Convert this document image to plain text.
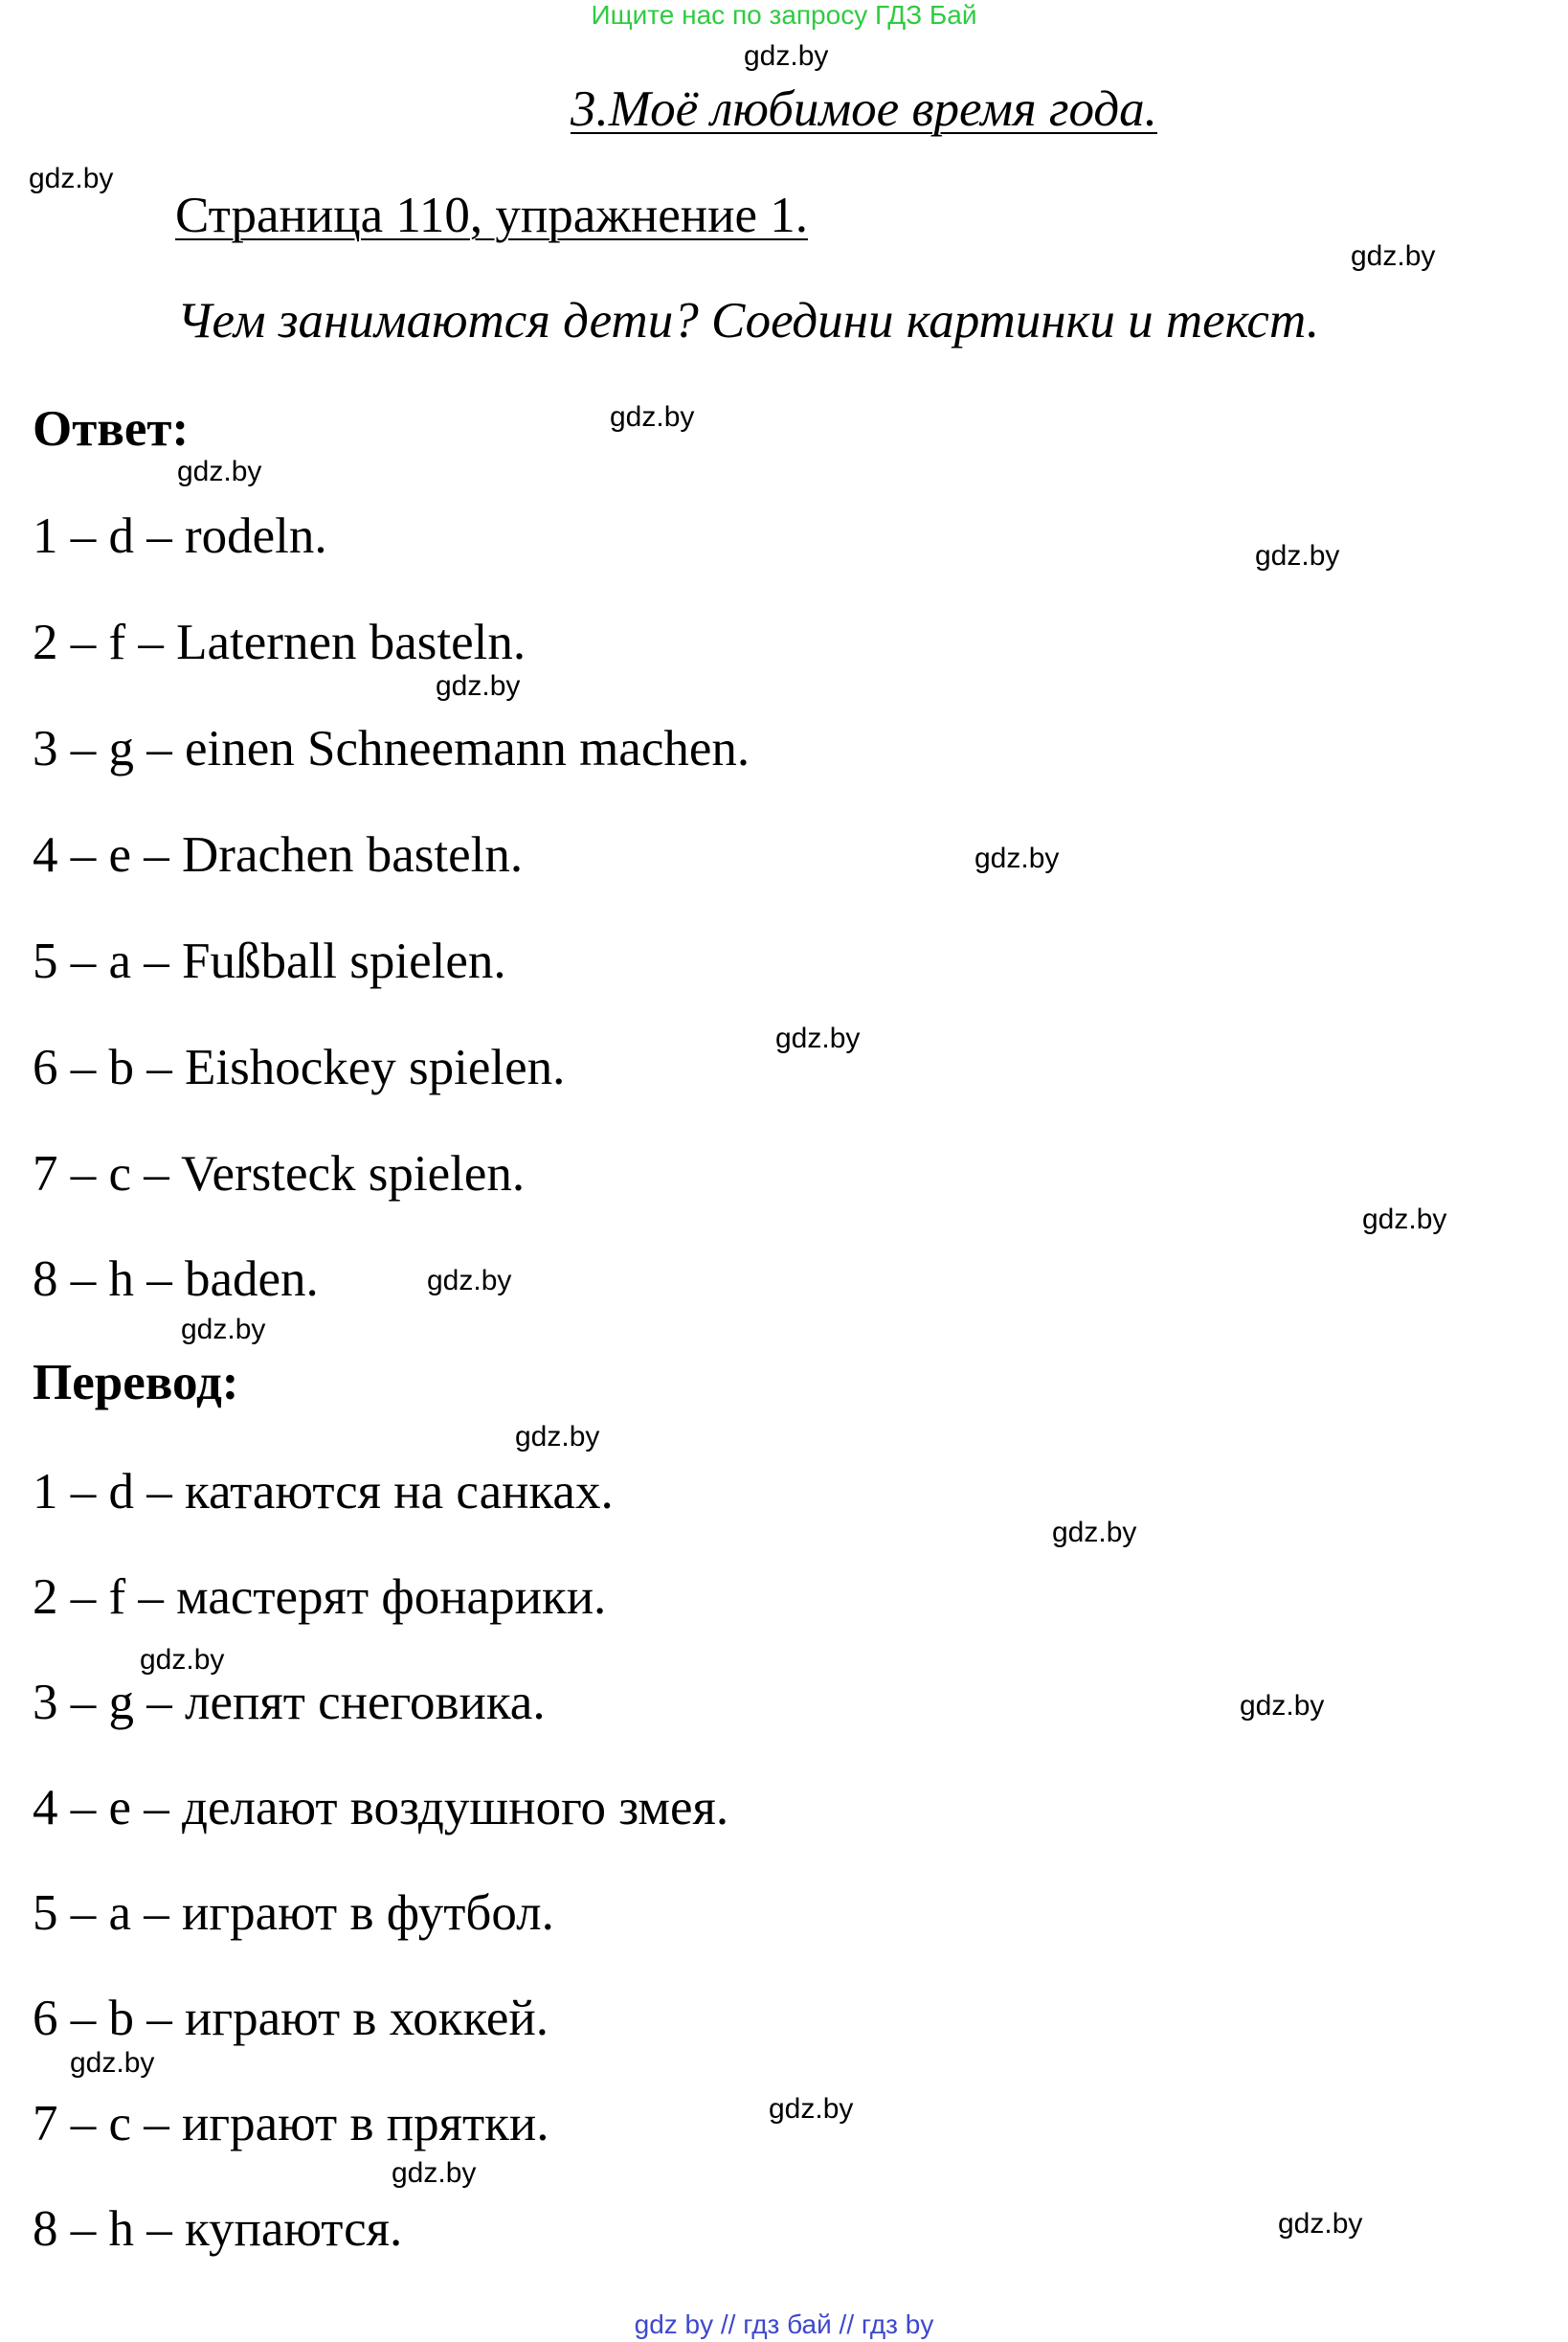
Ищите нас по запросу ГДЗ Бай
3.Моё любимое время года.
Страница 110, упражнение 1.
Чем занимаются дети? Соедини картинки и текст.
Ответ:
1 – d – rodeln.
2 – f – Laternen basteln.
3 – g – einen Schneemann machen.
4 – e – Drachen basteln.
5 – a – Fußball spielen.
6 – b – Eishockey spielen.
7 – c – Versteck spielen.
8 – h – baden.
Перевод:
1 – d – катаются на санках.
2 – f – мастерят фонарики.
3 – g – лепят снеговика.
4 – e – делают воздушного змея.
5 – a – играют в футбол.
6 – b – играют в хоккей.
7 – c – играют в прятки.
8 – h – купаются.
gdz.by
gdz.by
gdz.by
gdz.by
gdz.by
gdz.by
gdz.by
gdz.by
gdz.by
gdz.by
gdz.by
gdz.by
gdz.by
gdz.by
gdz.by
gdz.by
gdz.by
gdz.by
gdz.by
gdz.by
gdz by // гдз бай // гдз by
